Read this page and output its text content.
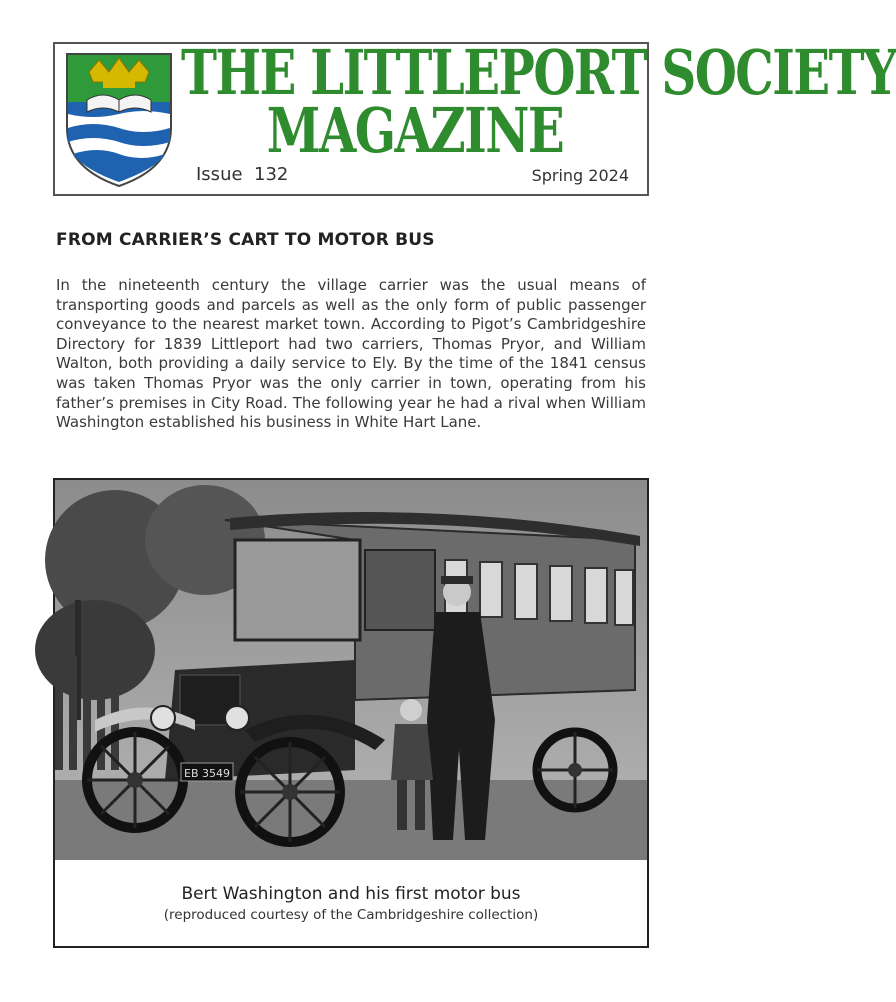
THE LITTLEPORT SOCIETY
MAGAZINE
Issue  132	Spring 2024
FROM CARRIER’S CART TO MOTOR BUS

In the nineteenth century the village carrier was the usual means of transporting goods and parcels as well as the only form of public passenger conveyance to the nearest market town. According to Pigot’s Cambridgeshire Directory for 1839 Littleport had two carriers, Thomas Pryor, and William Walton, both providing a daily service to Ely. By the time of the 1841 census was taken Thomas Pryor was the only carrier in town, operating from his father’s premises in City Road. The following year he had a rival when William Washington established his business in White Hart Lane.

EB 3549
Bert Washington and his first motor bus
(reproduced courtesy of the Cambridgeshire collection)
